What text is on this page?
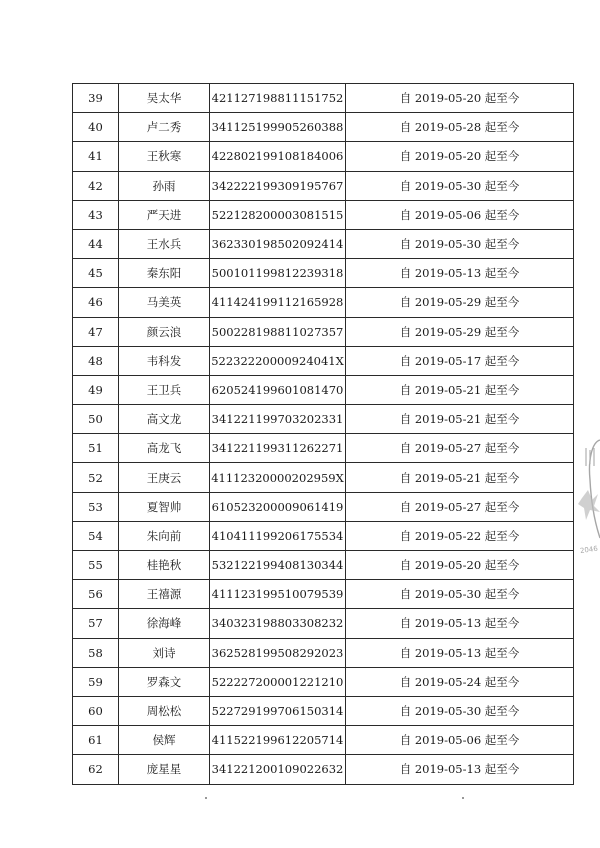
39	吴太华	421127198811151752	自 2019-05-20 起至今
40	卢二秀	341125199905260388	自 2019-05-28 起至今
41	王秋寒	422802199108184006	自 2019-05-20 起至今
42	孙雨	342222199309195767	自 2019-05-30 起至今
43	严天进	522128200003081515	自 2019-05-06 起至今
44	王水兵	362330198502092414	自 2019-05-30 起至今
45	秦东阳	500101199812239318	自 2019-05-13 起至今
46	马美英	411424199112165928	自 2019-05-29 起至今
47	颜云浪	500228198811027357	自 2019-05-29 起至今
48	韦科发	52232220000924041X	自 2019-05-17 起至今
49	王卫兵	620524199601081470	自 2019-05-21 起至今
50	高文龙	341221199703202331	自 2019-05-21 起至今
51	高龙飞	341221199311262271	自 2019-05-27 起至今
52	王庚云	41112320000202959X	自 2019-05-21 起至今
53	夏智帅	610523200009061419	自 2019-05-27 起至今
54	朱向前	410411199206175534	自 2019-05-22 起至今
55	桂艳秋	532122199408130344	自 2019-05-20 起至今
56	王禧源	411123199510079539	自 2019-05-30 起至今
57	徐海峰	340323198803308232	自 2019-05-13 起至今
58	刘诗	362528199508292023	自 2019-05-13 起至今
59	罗森文	522227200001221210	自 2019-05-24 起至今
60	周松松	522729199706150314	自 2019-05-30 起至今
61	侯辉	411522199612205714	自 2019-05-06 起至今
62	庞星星	341221200109022632	自 2019-05-13 起至今
2046
